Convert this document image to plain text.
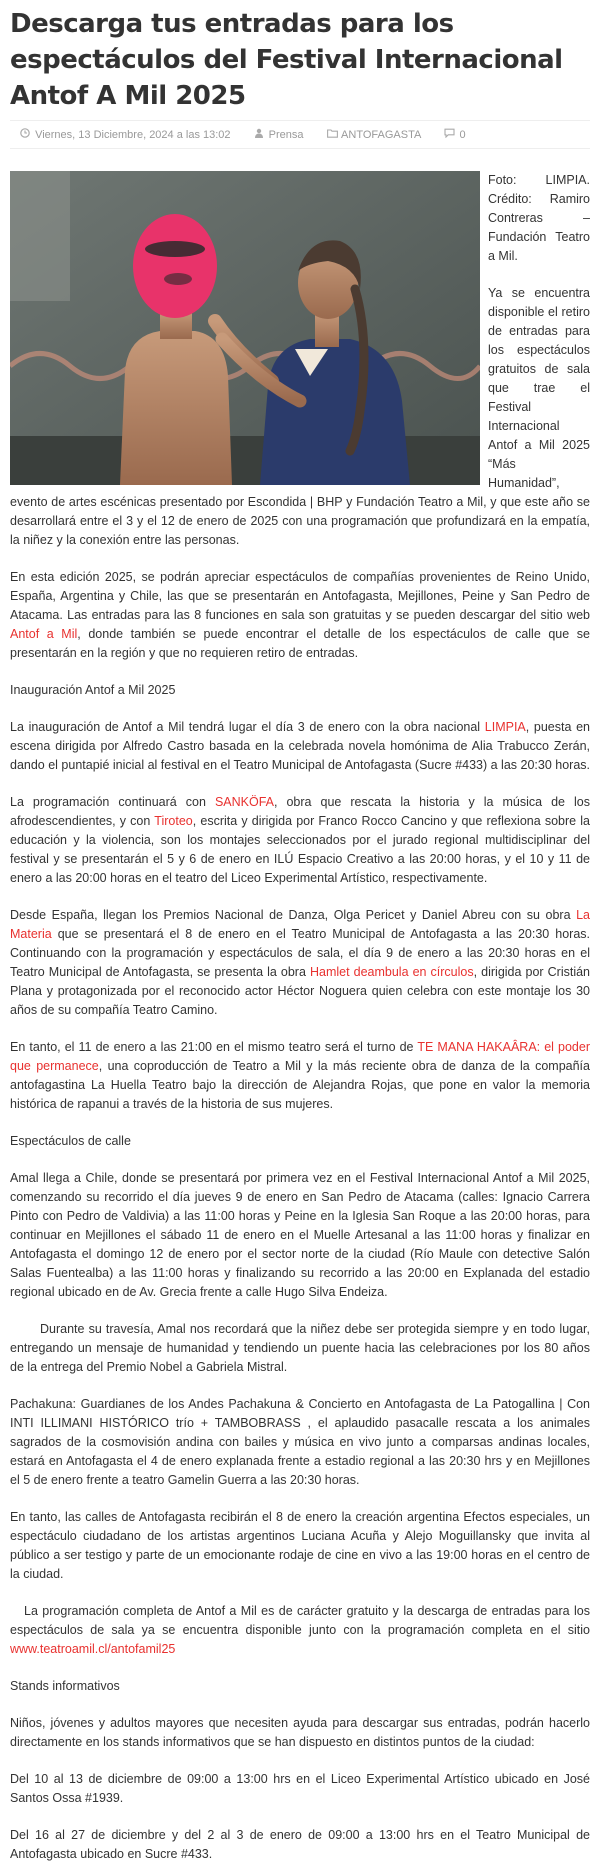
Descarga tus entradas para los espectáculos del Festival Internacional Antof A Mil 2025
Viernes, 13 Diciembre, 2024 a las 13:02	Prensa	ANTOFAGASTA	0

Foto: LIMPIA. Crédito: Ramiro Contreras – Fundación Teatro a Mil.

Ya se encuentra disponible el retiro de entradas para los espectáculos gratuitos de sala que trae el Festival Internacional Antof a Mil 2025 “Más Humanidad”, evento de artes escénicas presentado por Escondida | BHP y Fundación Teatro a Mil, y que este año se desarrollará entre el 3 y el 12 de enero de 2025 con una programación que profundizará en la empatía, la niñez y la conexión entre las personas.

En esta edición 2025, se podrán apreciar espectáculos de compañías provenientes de Reino Unido, España, Argentina y Chile, las que se presentarán en Antofagasta, Mejillones, Peine y San Pedro de Atacama. Las entradas para las 8 funciones en sala son gratuitas y se pueden descargar del sitio web Antof a Mil, donde también se puede encontrar el detalle de los espectáculos de calle que se presentarán en la región y que no requieren retiro de entradas.

Inauguración Antof a Mil 2025

La inauguración de Antof a Mil tendrá lugar el día 3 de enero con la obra nacional LIMPIA, puesta en escena dirigida por Alfredo Castro basada en la celebrada novela homónima de Alia Trabucco Zerán, dando el puntapié inicial al festival en el Teatro Municipal de Antofagasta (Sucre #433) a las 20:30 horas.

La programación continuará con SANKÖFA, obra que rescata la historia y la música de los afrodescendientes, y con Tiroteo, escrita y dirigida por Franco Rocco Cancino y que reflexiona sobre la educación y la violencia, son los montajes seleccionados por el jurado regional multidisciplinar del festival y se presentarán el 5 y 6 de enero en ILÚ Espacio Creativo a las 20:00 horas, y el 10 y 11 de enero a las 20:00 horas en el teatro del Liceo Experimental Artístico, respectivamente.

Desde España, llegan los Premios Nacional de Danza, Olga Pericet y Daniel Abreu con su obra La Materia que se presentará el 8 de enero en el Teatro Municipal de Antofagasta a las 20:30 horas. Continuando con la programación y espectáculos de sala, el día 9 de enero a las 20:30 horas en el Teatro Municipal de Antofagasta, se presenta la obra Hamlet deambula en círculos, dirigida por Cristián Plana y protagonizada por el reconocido actor Héctor Noguera quien celebra con este montaje los 30 años de su compañía Teatro Camino.

En tanto, el 11 de enero a las 21:00 en el mismo teatro será el turno de TE MANA HAKAÂRA: el poder que permanece, una coproducción de Teatro a Mil y la más reciente obra de danza de la compañía antofagastina La Huella Teatro bajo la dirección de Alejandra Rojas, que pone en valor la memoria histórica de rapanui a través de la historia de sus mujeres.

Espectáculos de calle

Amal llega a Chile, donde se presentará por primera vez en el Festival Internacional Antof a Mil 2025, comenzando su recorrido el día jueves 9 de enero en San Pedro de Atacama (calles: Ignacio Carrera Pinto con Pedro de Valdivia) a las 11:00 horas y Peine en la Iglesia San Roque a las 20:00 horas, para continuar en Mejillones el sábado 11 de enero en el Muelle Artesanal a las 11:00 horas y finalizar en Antofagasta el domingo 12 de enero por el sector norte de la ciudad (Río Maule con detective Salón Salas Fuentealba) a las 11:00 horas y finalizando su recorrido a las 20:00 en Explanada del estadio regional ubicado en de Av. Grecia frente a calle Hugo Silva Endeiza.

Durante su travesía, Amal nos recordará que la niñez debe ser protegida siempre y en todo lugar, entregando un mensaje de humanidad y tendiendo un puente hacia las celebraciones por los 80 años de la entrega del Premio Nobel a Gabriela Mistral.

Pachakuna: Guardianes de los Andes Pachakuna & Concierto en Antofagasta de La Patogallina | Con INTI ILLIMANI HISTÓRICO trío + TAMBOBRASS , el aplaudido pasacalle rescata a los animales sagrados de la cosmovisión andina con bailes y música en vivo junto a comparsas andinas locales, estará en Antofagasta el 4 de enero explanada frente a estadio regional a las 20:30 hrs y en Mejillones el 5 de enero frente a teatro Gamelin Guerra a las 20:30 horas.

En tanto, las calles de Antofagasta recibirán el 8 de enero la creación argentina Efectos especiales, un espectáculo ciudadano de los artistas argentinos Luciana Acuña y Alejo Moguillansky que invita al público a ser testigo y parte de un emocionante rodaje de cine en vivo a las 19:00 horas en el centro de la ciudad.

La programación completa de Antof a Mil es de carácter gratuito y la descarga de entradas para los espectáculos de sala ya se encuentra disponible junto con la programación completa en el sitio www.teatroamil.cl/antofamil25

Stands informativos

Niños, jóvenes y adultos mayores que necesiten ayuda para descargar sus entradas, podrán hacerlo directamente en los stands informativos que se han dispuesto en distintos puntos de la ciudad:

Del 10 al 13 de diciembre de 09:00 a 13:00 hrs en el Liceo Experimental Artístico ubicado en José Santos Ossa #1939.

Del 16 al 27 de diciembre y del 2 al 3 de enero de 09:00 a 13:00 hrs en el Teatro Municipal de Antofagasta ubicado en Sucre #433.
